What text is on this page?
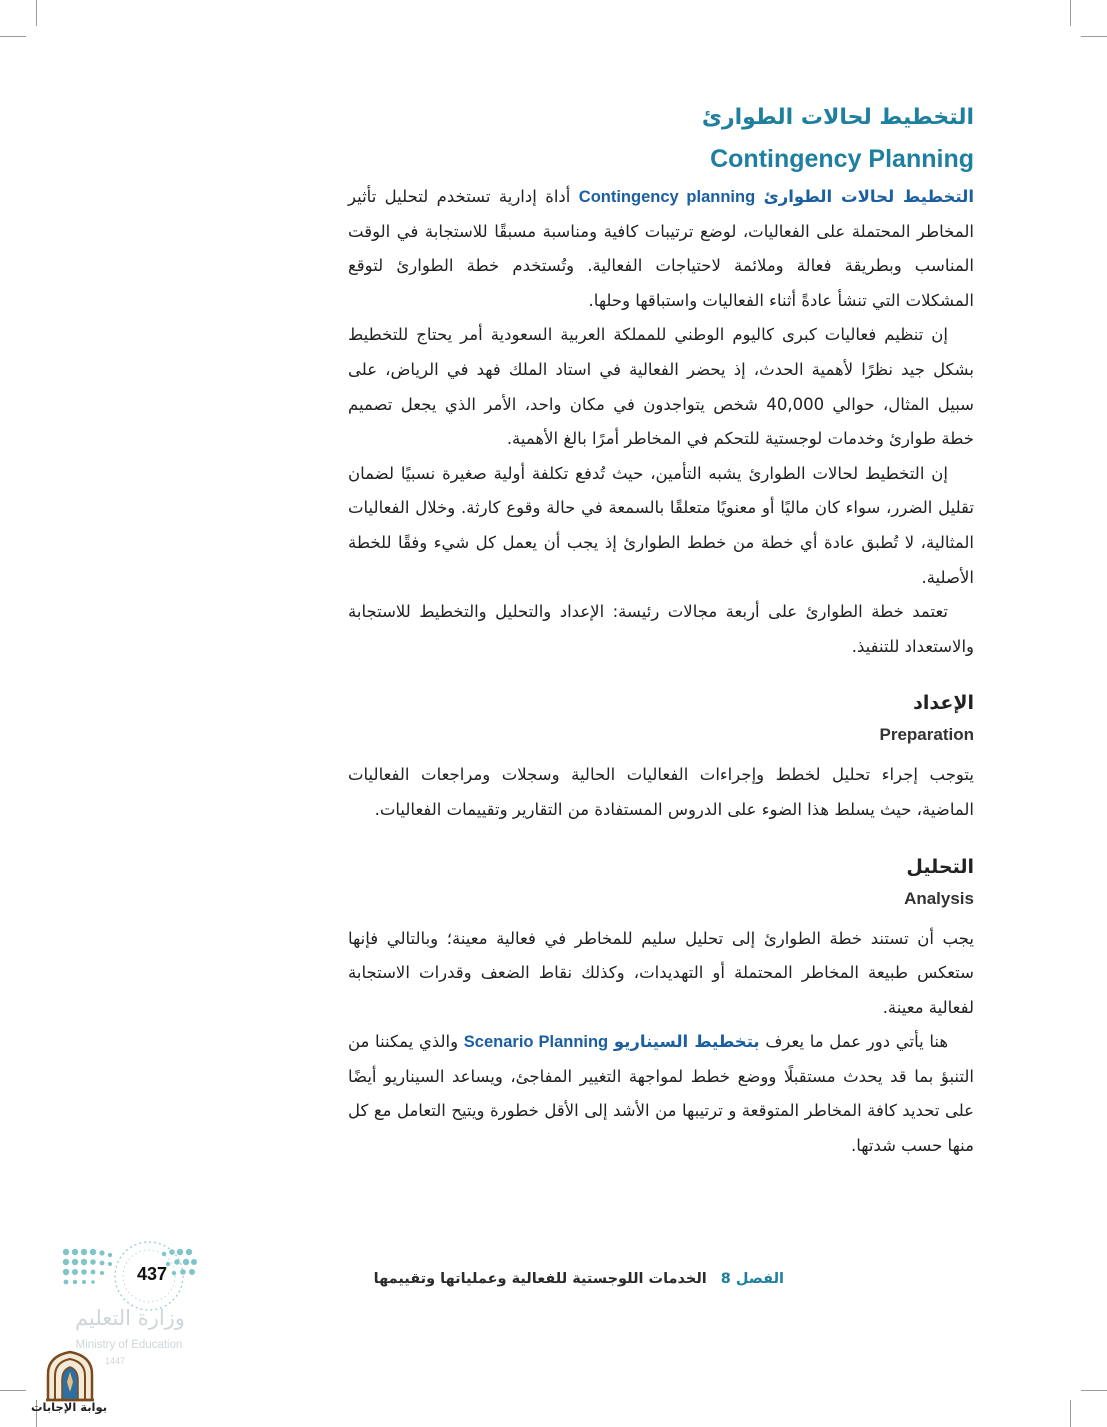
التخطيط لحالات الطوارئ
Contingency Planning

التخطيط لحالات الطوارئ Contingency planning أداة إدارية تستخدم لتحليل تأثير المخاطر المحتملة على الفعاليات، لوضع ترتيبات كافية ومناسبة مسبقًا للاستجابة في الوقت المناسب وبطريقة فعالة وملائمة لاحتياجات الفعالية. وتُستخدم خطة الطوارئ لتوقع المشكلات التي تنشأ عادةً أثناء الفعاليات واستباقها وحلها.

إن تنظيم فعاليات كبرى كاليوم الوطني للمملكة العربية السعودية أمر يحتاج للتخطيط بشكل جيد نظرًا لأهمية الحدث، إذ يحضر الفعالية في استاد الملك فهد في الرياض، على سبيل المثال، حوالي 40,000 شخص يتواجدون في مكان واحد، الأمر الذي يجعل تصميم خطة طوارئ وخدمات لوجستية للتحكم في المخاطر أمرًا بالغ الأهمية.

إن التخطيط لحالات الطوارئ يشبه التأمين، حيث تُدفع تكلفة أولية صغيرة نسبيًا لضمان تقليل الضرر، سواء كان ماليًا أو معنويًا متعلقًا بالسمعة في حالة وقوع كارثة. وخلال الفعاليات المثالية، لا تُطبق عادة أي خطة من خطط الطوارئ إذ يجب أن يعمل كل شيء وفقًا للخطة الأصلية.

تعتمد خطة الطوارئ على أربعة مجالات رئيسة: الإعداد والتحليل والتخطيط للاستجابة والاستعداد للتنفيذ.

الإعداد
Preparation

يتوجب إجراء تحليل لخطط وإجراءات الفعاليات الحالية وسجلات ومراجعات الفعاليات الماضية، حيث يسلط هذا الضوء على الدروس المستفادة من التقارير وتقييمات الفعاليات.

التحليل
Analysis

يجب أن تستند خطة الطوارئ إلى تحليل سليم للمخاطر في فعالية معينة؛ وبالتالي فإنها ستعكس طبيعة المخاطر المحتملة أو التهديدات، وكذلك نقاط الضعف وقدرات الاستجابة لفعالية معينة.

هنا يأتي دور عمل ما يعرف بتخطيط السيناريو Scenario Planning والذي يمكننا من التنبؤ بما قد يحدث مستقبلًا ووضع خطط لمواجهة التغيير المفاجئ، ويساعد السيناريو أيضًا على تحديد كافة المخاطر المتوقعة و ترتيبها من الأشد إلى الأقل خطورة ويتيح التعامل مع كل منها حسب شدتها.

الفصل 8الخدمات اللوجستية للفعالية وعملياتها وتقييمها
437
وزارة التعليم
Ministry of Education
1447
بوابة الإجابات
